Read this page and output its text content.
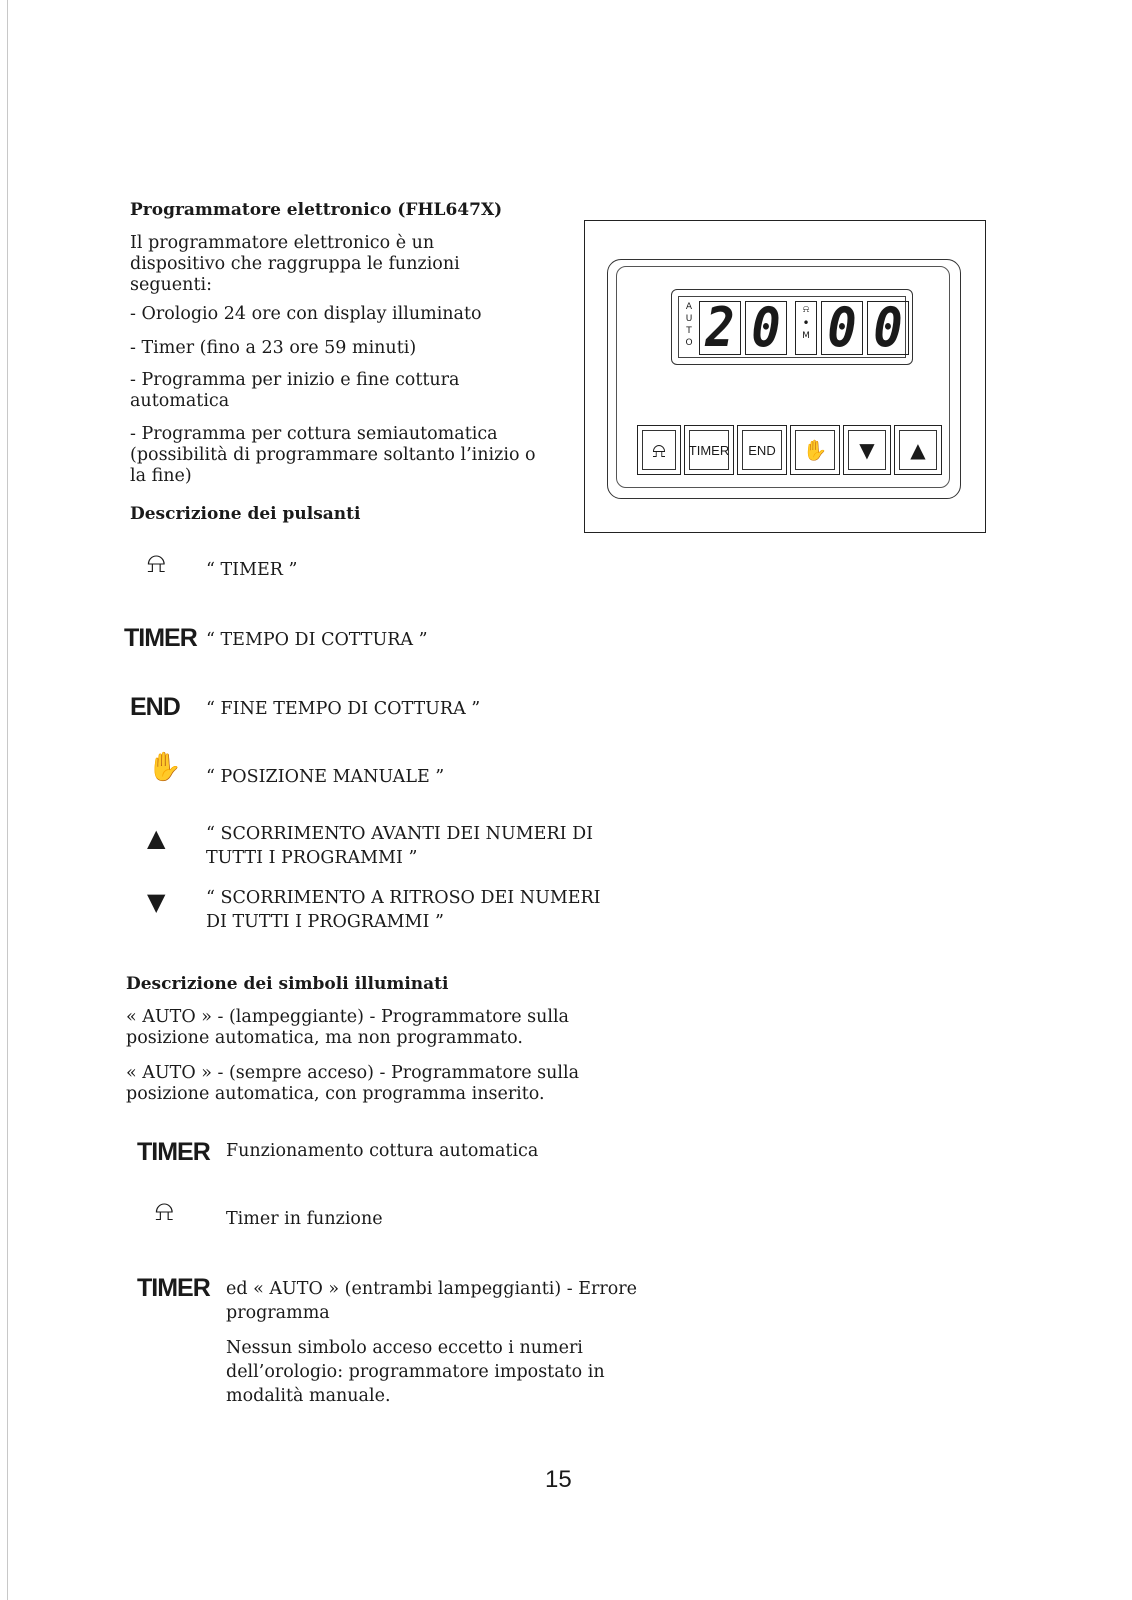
Programmatore elettronico (FHL647X)

Il programmatore elettronico è un dispositivo che raggruppa le funzioni seguenti:

- Orologio 24 ore con display illuminato

- Timer (fino a 23 ore 59 minuti)

- Programma per inizio e fine cottura automatica

- Programma per cottura semiautomatica (possibilità di programmare soltanto l’inizio o la fine)

Descrizione dei pulsanti
A
U
T
O 2 0	⍾
•
M 0 0
⍾ TIMER END ✋ ▼ ▲
⍾ “ TIMER ”
TIMER “ TEMPO DI COTTURA ”
END “ FINE TEMPO DI COTTURA ”
✋ “ POSIZIONE MANUALE ”
▲ “ SCORRIMENTO AVANTI DEI NUMERI DI TUTTI I PROGRAMMI ”
▼ “ SCORRIMENTO A RITROSO DEI NUMERI DI TUTTI I PROGRAMMI ”
Descrizione dei simboli illuminati

« AUTO » - (lampeggiante) - Programmatore sulla posizione automatica, ma non programmato.

« AUTO » - (sempre acceso) - Programmatore sulla posizione automatica, con programma inserito.

TIMER Funzionamento cottura automatica
⍾	Timer in funzione
TIMER ed « AUTO » (entrambi lampeggianti) - Errore programma

Nessun simbolo acceso eccetto i numeri dell’orologio: programmatore impostato in modalità manuale.

15
